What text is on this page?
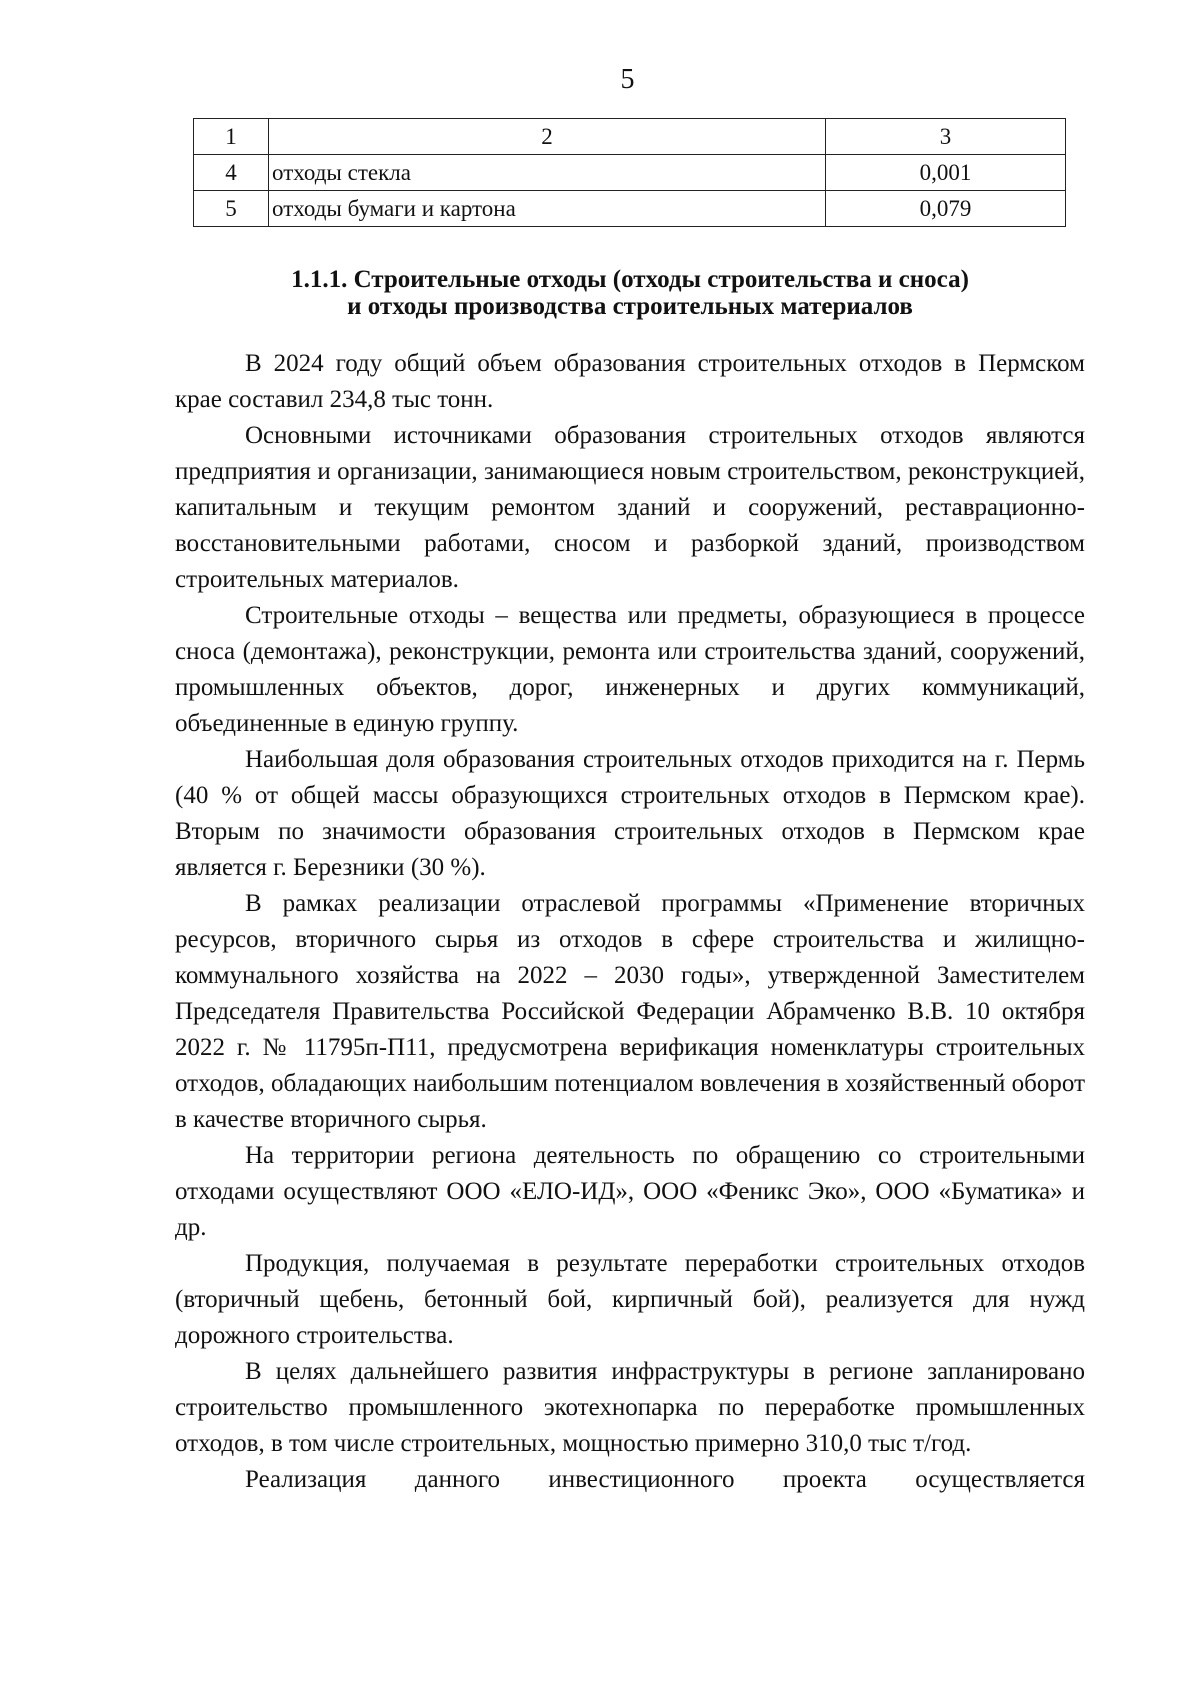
5
1	2	3
4	отходы стекла	0,001
5	отходы бумаги и картона	0,079
1.1.1. Строительные отходы (отходы строительства и сноса)
и отходы производства строительных материалов

В 2024 году общий объем образования строительных отходов в Пермском крае составил 234,8 тыс тонн.

Основными источниками образования строительных отходов являются предприятия и организации, занимающиеся новым строительством, реконструкцией, капитальным и текущим ремонтом зданий и сооружений, реставрационно-восстановительными работами, сносом и разборкой зданий, производством строительных материалов.

Строительные отходы – вещества или предметы, образующиеся в процессе сноса (демонтажа), реконструкции, ремонта или строительства зданий, сооружений, промышленных объектов, дорог, инженерных и других коммуникаций, объединенные в единую группу.

Наибольшая доля образования строительных отходов приходится на г. Пермь (40 % от общей массы образующихся строительных отходов в Пермском крае). Вторым по значимости образования строительных отходов в Пермском крае является г. Березники (30 %).

В рамках реализации отраслевой программы «Применение вторичных ресурсов, вторичного сырья из отходов в сфере строительства и жилищно-коммунального хозяйства на 2022 – 2030 годы», утвержденной Заместителем Председателя Правительства Российской Федерации Абрамченко В.В. 10 октября 2022 г. № 11795п-П11, предусмотрена верификация номенклатуры строительных отходов, обладающих наибольшим потенциалом вовлечения в хозяйственный оборот в качестве вторичного сырья.

На территории региона деятельность по обращению со строительными отходами осуществляют ООО «ЕЛО-ИД», ООО «Феникс Эко», ООО «Буматика» и др.

Продукция, получаемая в результате переработки строительных отходов (вторичный щебень, бетонный бой, кирпичный бой), реализуется для нужд дорожного строительства.

В целях дальнейшего развития инфраструктуры в регионе запланировано строительство промышленного экотехнопарка по переработке промышленных отходов, в том числе строительных, мощностью примерно 310,0 тыс т/год.

Реализация данного инвестиционного проекта осуществляется
